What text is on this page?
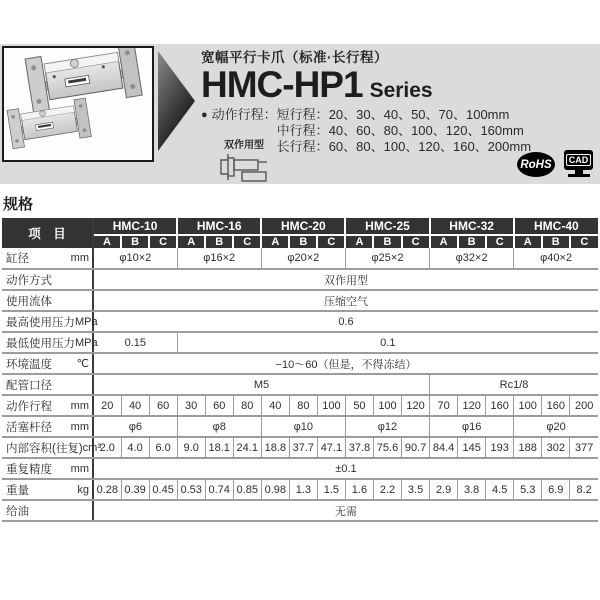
宽幅平行卡爪（标准·长行程）
HMC-HP1 Series
● 动作行程： 短行程：20、30、40、50、70、100mm
中行程：40、60、80、100、120、160mm
长行程：60、80、100、120、160、200mm
双作用型
RoHS	CAD
规格
项　目	HMC-10			HMC-16			HMC-20			HMC-25			HMC-32			HMC-40		
	A	B	C	A	B	C	A	B	C	A	B	C	A	B	C	A	B	C

缸径 mm	φ10×2			φ16×2			φ20×2			φ25×2			φ32×2			φ40×2		

动作方式	双作用型																	

使用流体	压缩空气																	

最高使用压力 MPa	0.6																	

最低使用压力 MPa	0.15			0.1														

环境温度 ℃	−10～60（但是，不得冻结）																	

配管口径	M5												Rc1/8					

动作行程 mm	20	40	60	30	60	80	40	80	100	50	100	120	70	120	160	100	160	200

活塞杆径 mm	φ6			φ8			φ10			φ12			φ16			φ20		

内部容积(往复) cm³	2.0	4.0	6.0	9.0	18.1	24.1	18.8	37.7	47.1	37.8	75.6	90.7	84.4	145	193	188	302	377

重复精度 mm	±0.1																	

重量 kg	0.28	0.39	0.45	0.53	0.74	0.85	0.98	1.3	1.5	1.6	2.2	3.5	2.9	3.8	4.5	5.3	6.9	8.2

给油	无需																	
